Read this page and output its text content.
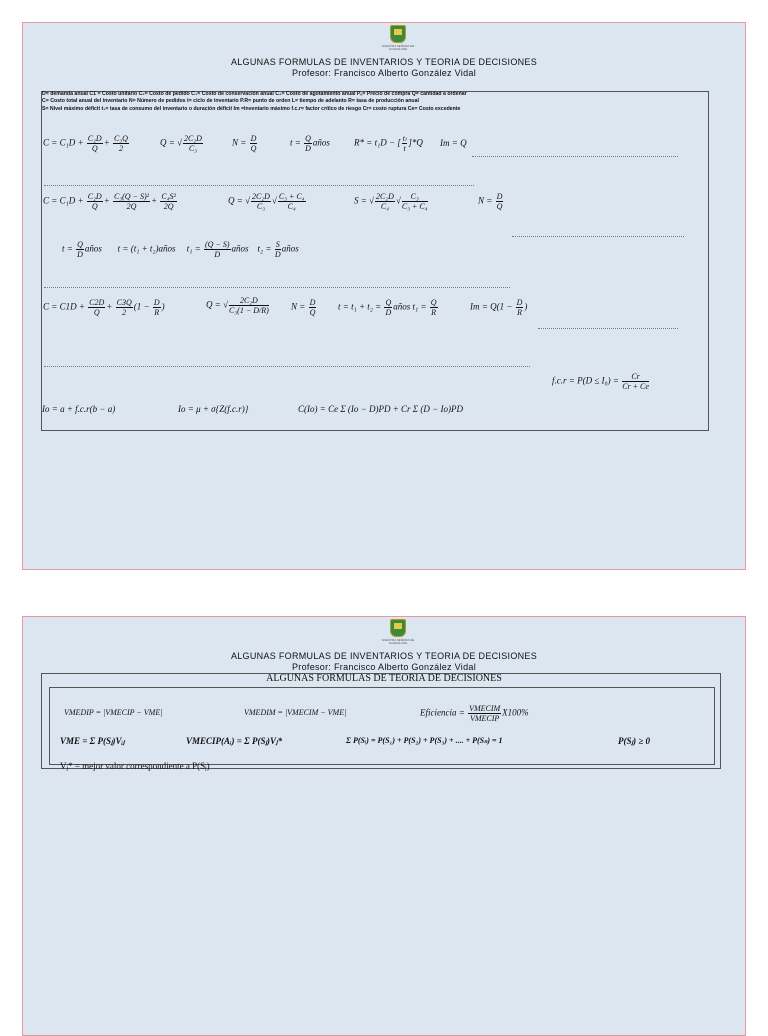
NUESTRA SEÑORA DE GUADALUPE
ALGUNAS FORMULAS DE INVENTARIOS Y TEORIA DE DECISIONES
Profesor: Francisco Alberto González Vidal
D= demanda anual C1 = Costo unitario C₂= Costo de pedido C₃= Costo de conservación anual C₄= Costo de agotamiento anual Pₑ= Precio de compra Q= cantidad a ordenar
C= Costo total anual del inventario N= Número de pedidos t= ciclo de inventario P.R= punto de orden L= tiempo de adelanto R= tasa de producción anual
S= Nivel máximo déficit t₁= tasa de consumo del inventario o duración déficit Im =Inventario máximo f.c.r= factor crítico de riesgo Cr= costo ruptura Ce= Costo excedente
$C = C_1D + \frac{\text{C₂D}}{Q} + \frac{\text{C₃Q}}{2}$	Q = √ $\frac{\text{2C₂D}}{\text{C₃}}$	$N = \frac{D}{Q}$	$t = \frac{Q}{D}$ años	R* = t₁D − [ $\frac{\text{tₗ}}{t} ]*Q$ Im = Q
$C = C_1D + \frac{\text{C₂D}}{Q} + \frac{\text{C₃(Q − S)²}}{2Q} + \frac{\text{C₄S²}}{2Q}$	Q = √ $\frac{\text{2C₂D}}{\text{C₃}}$ √ $\frac{\text{C₃ + C₄}}{\text{C₄}}$	S = √ $\frac{\text{2C₂D}}{\text{C₄}}$ √ $\frac{\text{C₃}}{\text{C₃ + C₄}}$	$N = \frac{D}{Q}$
$t = \frac{Q}{D}$ años       t = (t₁ + t₂)años     $t_1 = \frac{(Q - S)}{D}$ años    $t_2 = \frac{S}{D}$ años
$C = C1D + \frac{C2D}{Q} + \frac{C3Q}{2} (1 - \frac{D}{R}$ )	Q = √ $\frac{\text{2C₂D}}{\text{C₃(1 − D/R)}}$ $N = \frac{D}{Q}$ $t = t_1 + t_2 = \frac{Q}{D}$ años $t_1 = \frac{Q}{R}$	$Im = Q(1 - \frac{D}{R}$ )
$f.c.r = P(D \le I_0) = \frac{Cr}{Cr + Ce}$
Io = a + f.c.r(b − a)	Io = μ + σ{Z(f.c.r)}	C(Io) = Ce Σ (Io − D)PD + Cr Σ (D − Io)PD
NUESTRA SEÑORA DE GUADALUPE
ALGUNAS FORMULAS DE INVENTARIOS Y TEORIA DE DECISIONES
Profesor: Francisco Alberto González Vidal
ALGUNAS FORMULAS DE TEORIA DE DECISIONES
VMEDIP = |VMECIP − VME|	VMEDIM = |VMECIM − VME|	Eficiencia = $\frac{\text{VMECIM}}{\text{VMECIP}} X100\%$
VME = Σ P(Sⱼ)Vᵢⱼ	VMECIP(Aᵢ) = Σ P(Sⱼ)Vⱼ*	Σ P(Sᵢ) = P(S₁) + P(S₂) + P(S₃) + .... + P(Sₙ) = 1	P(Sⱼ) ≥ 0
Vⱼ* = mejor valor correspondiente a P(Sⱼ)
